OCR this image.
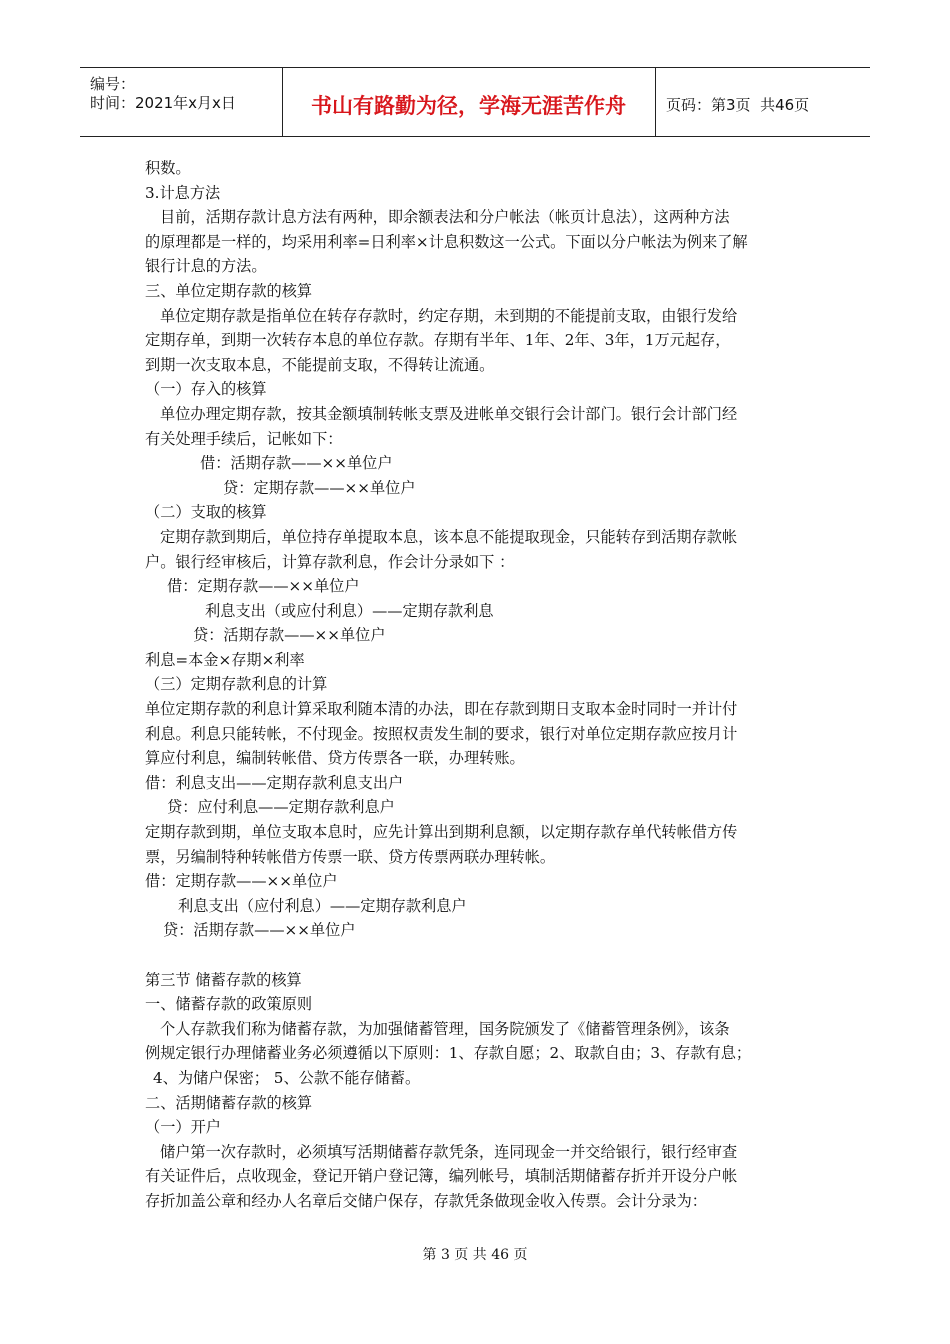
编号：
时间：2021年x月x日	书山有路勤为径，学海无涯苦作舟	页码：第3页  共46页
积数。
3.计息方法
目前，活期存款计息方法有两种，即余额表法和分户帐法（帐页计息法），这两种方法
的原理都是一样的，均采用利率=日利率×计息积数这一公式。下面以分户帐法为例来了解
银行计息的方法。
三、单位定期存款的核算
单位定期存款是指单位在转存存款时，约定存期，未到期的不能提前支取，由银行发给
定期存单，到期一次转存本息的单位存款。存期有半年、1年、2年、3年，1万元起存，
到期一次支取本息，不能提前支取，不得转让流通。
（一）存入的核算
单位办理定期存款，按其金额填制转帐支票及进帐单交银行会计部门。银行会计部门经
有关处理手续后，记帐如下：
借：活期存款——××单位户
贷：定期存款——××单位户
（二）支取的核算
定期存款到期后，单位持存单提取本息，该本息不能提取现金，只能转存到活期存款帐
户。银行经审核后，计算存款利息，作会计分录如下 ：
借：定期存款——××单位户
利息支出（或应付利息）——定期存款利息
贷：活期存款——××单位户
利息=本金×存期×利率
（三）定期存款利息的计算
单位定期存款的利息计算采取利随本清的办法，即在存款到期日支取本金时同时一并计付
利息。利息只能转帐，不付现金。按照权责发生制的要求，银行对单位定期存款应按月计
算应付利息，编制转帐借、贷方传票各一联，办理转账。
借：利息支出——定期存款利息支出户
贷：应付利息——定期存款利息户
定期存款到期，单位支取本息时，应先计算出到期利息额，以定期存款存单代转帐借方传
票，另编制特种转帐借方传票一联、贷方传票两联办理转帐。
借：定期存款——××单位户
利息支出（应付利息）——定期存款利息户
贷：活期存款——××单位户
第三节 储蓄存款的核算
一、储蓄存款的政策原则
个人存款我们称为储蓄存款，为加强储蓄管理，国务院颁发了《储蓄管理条例》，该条
例规定银行办理储蓄业务必须遵循以下原则：1、存款自愿；2、取款自由；3、存款有息；
4、为储户保密； 5、公款不能存储蓄。
二、活期储蓄存款的核算
（一）开户
储户第一次存款时，必须填写活期储蓄存款凭条，连同现金一并交给银行，银行经审查
有关证件后，点收现金，登记开销户登记簿，编列帐号，填制活期储蓄存折并开设分户帐
存折加盖公章和经办人名章后交储户保存，存款凭条做现金收入传票。会计分录为：
第 3 页 共 46 页
